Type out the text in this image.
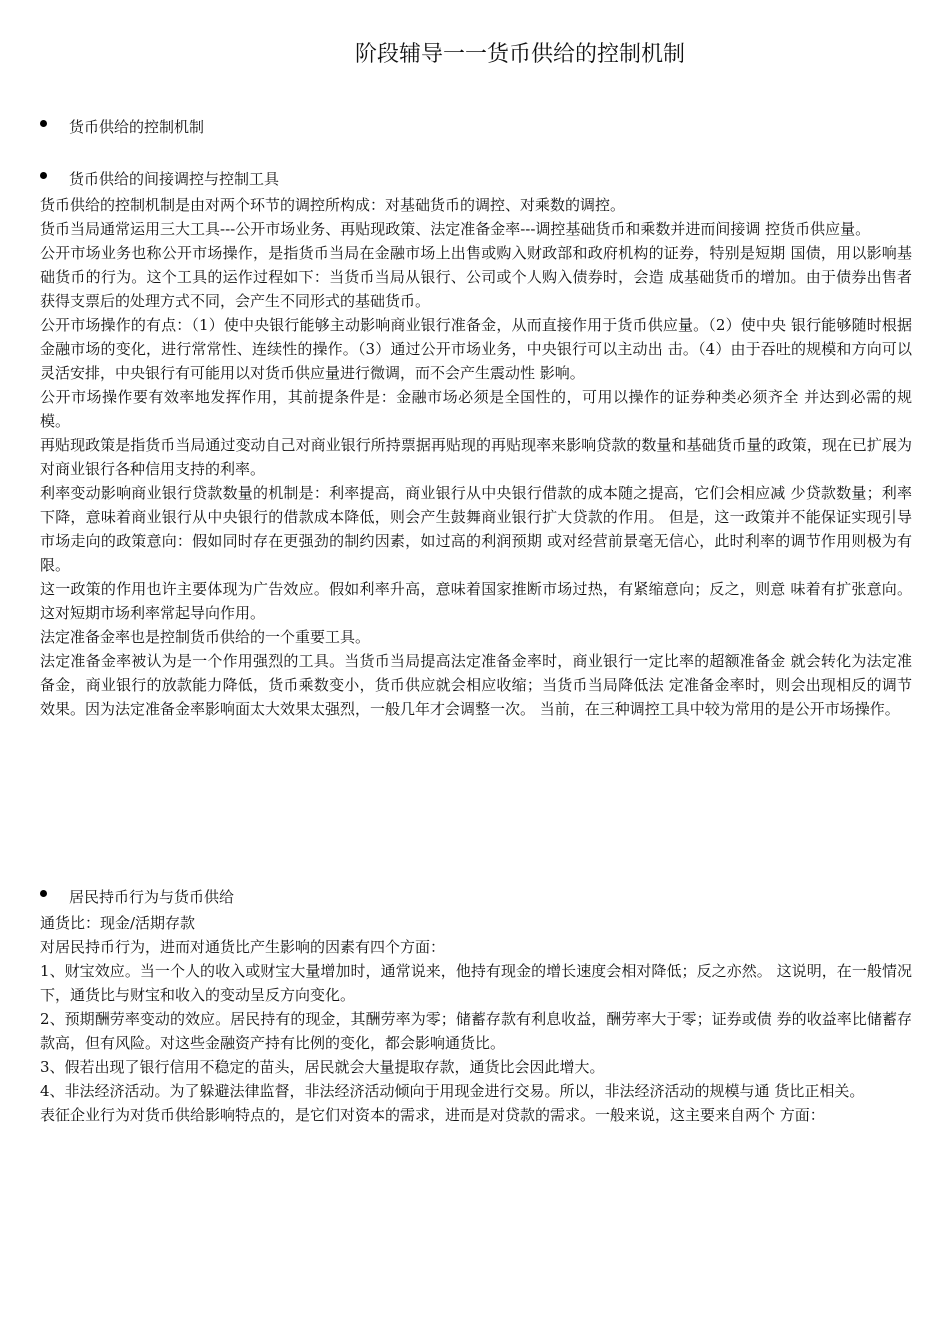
阶段辅导一一货币供给的控制机制
货币供给的控制机制
货币供给的间接调控与控制工具

货币供给的控制机制是由对两个环节的调控所构成：对基础货币的调控、对乘数的调控。

货币当局通常运用三大工具---公开市场业务、再贴现政策、法定准备金率---调控基础货币和乘数并进而间接调 控货币供应量。

公开市场业务也称公开市场操作，是指货币当局在金融市场上出售或购入财政部和政府机构的证券，特别是短期 国债，用以影响基础货币的行为。这个工具的运作过程如下：当货币当局从银行、公司或个人购入债券时，会造 成基础货币的增加。由于债券出售者获得支票后的处理方式不同，会产生不同形式的基础货币。

公开市场操作的有点：（1）使中央银行能够主动影响商业银行准备金，从而直接作用于货币供应量。（2）使中央 银行能够随时根据金融市场的变化，进行常常性、连续性的操作。（3）通过公开市场业务，中央银行可以主动出 击。（4）由于吞吐的规模和方向可以灵活安排，中央银行有可能用以对货币供应量进行微调，而不会产生震动性 影响。

公开市场操作要有效率地发挥作用，其前提条件是：金融市场必须是全国性的，可用以操作的证券种类必须齐全 并达到必需的规模。

再贴现政策是指货币当局通过变动自己对商业银行所持票据再贴现的再贴现率来影响贷款的数量和基础货币量的政策，现在已扩展为对商业银行各种信用支持的利率。

利率变动影响商业银行贷款数量的机制是：利率提高，商业银行从中央银行借款的成本随之提高，它们会相应减 少贷款数量；利率下降，意味着商业银行从中央银行的借款成本降低，则会产生鼓舞商业银行扩大贷款的作用。 但是，这一政策并不能保证实现引导市场走向的政策意向：假如同时存在更强劲的制约因素，如过高的利润预期 或对经营前景毫无信心，此时利率的调节作用则极为有限。

这一政策的作用也许主要体现为广告效应。假如利率升高，意味着国家推断市场过热，有紧缩意向；反之，则意 味着有扩张意向。这对短期市场利率常起导向作用。

法定准备金率也是控制货币供给的一个重要工具。

法定准备金率被认为是一个作用强烈的工具。当货币当局提高法定准备金率时，商业银行一定比率的超额准备金 就会转化为法定准备金，商业银行的放款能力降低，货币乘数变小，货币供应就会相应收缩；当货币当局降低法 定准备金率时，则会出现相反的调节效果。因为法定准备金率影响面太大效果太强烈，一般几年才会调整一次。 当前，在三种调控工具中较为常用的是公开市场操作。

居民持币行为与货币供给

通货比：现金/活期存款

对居民持币行为，进而对通货比产生影响的因素有四个方面：

1、财宝效应。当一个人的收入或财宝大量增加时，通常说来，他持有现金的增长速度会相对降低；反之亦然。 这说明，在一般情况下，通货比与财宝和收入的变动呈反方向变化。

2、预期酬劳率变动的效应。居民持有的现金，其酬劳率为零；储蓄存款有利息收益，酬劳率大于零；证券或债 券的收益率比储蓄存款高，但有风险。对这些金融资产持有比例的变化，都会影响通货比。

3、假若出现了银行信用不稳定的苗头，居民就会大量提取存款，通货比会因此增大。

4、非法经济活动。为了躲避法律监督，非法经济活动倾向于用现金进行交易。所以，非法经济活动的规模与通 货比正相关。

表征企业行为对货币供给影响特点的，是它们对资本的需求，进而是对贷款的需求。一般来说，这主要来自两个 方面：
